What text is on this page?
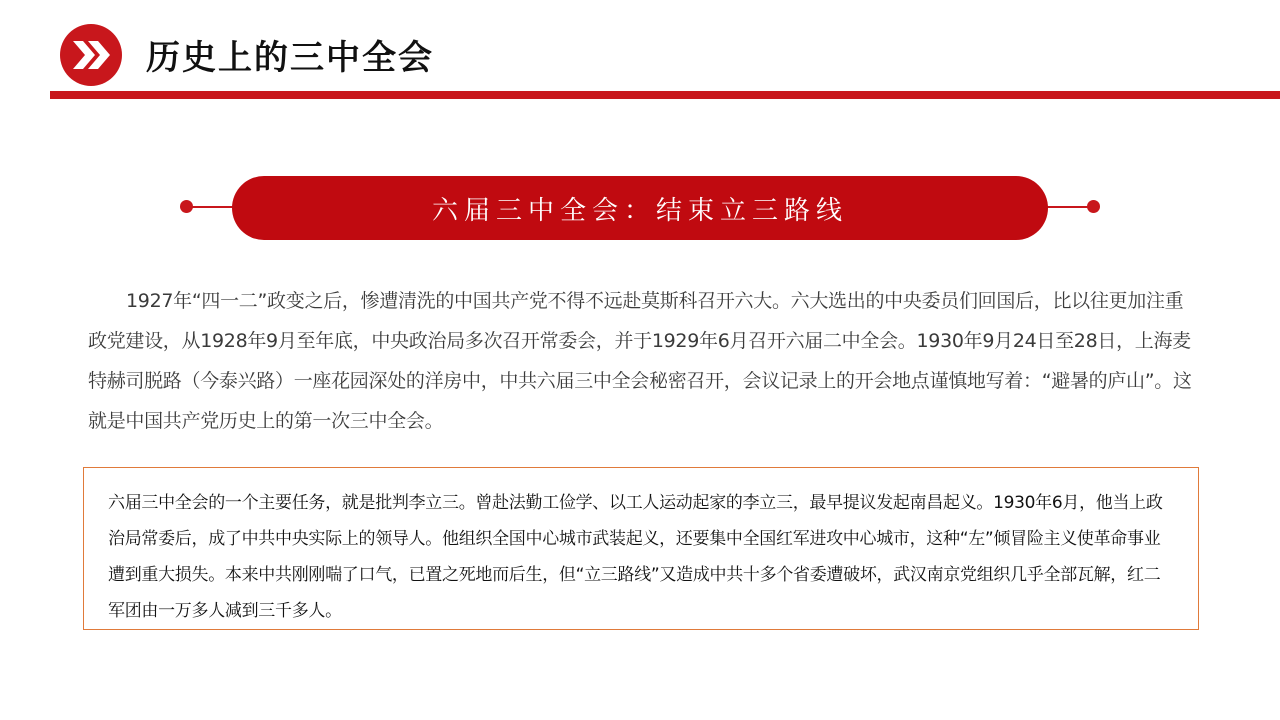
历史上的三中全会
六届三中全会：结束立三路线

1927年“四一二”政变之后，惨遭清洗的中国共产党不得不远赴莫斯科召开六大。六大选出的中央委员们回国后，比以往更加注重政党建设，从1928年9月至年底，中央政治局多次召开常委会，并于1929年6月召开六届二中全会。1930年9月24日至28日，上海麦特赫司脱路（今泰兴路）一座花园深处的洋房中，中共六届三中全会秘密召开，会议记录上的开会地点谨慎地写着：“避暑的庐山”。这就是中国共产党历史上的第一次三中全会。

六届三中全会的一个主要任务，就是批判李立三。曾赴法勤工俭学、以工人运动起家的李立三，最早提议发起南昌起义。1930年6月，他当上政治局常委后，成了中共中央实际上的领导人。他组织全国中心城市武装起义，还要集中全国红军进攻中心城市，这种“左”倾冒险主义使革命事业遭到重大损失。本来中共刚刚喘了口气，已置之死地而后生，但“立三路线”又造成中共十多个省委遭破坏，武汉南京党组织几乎全部瓦解，红二军团由一万多人减到三千多人。
